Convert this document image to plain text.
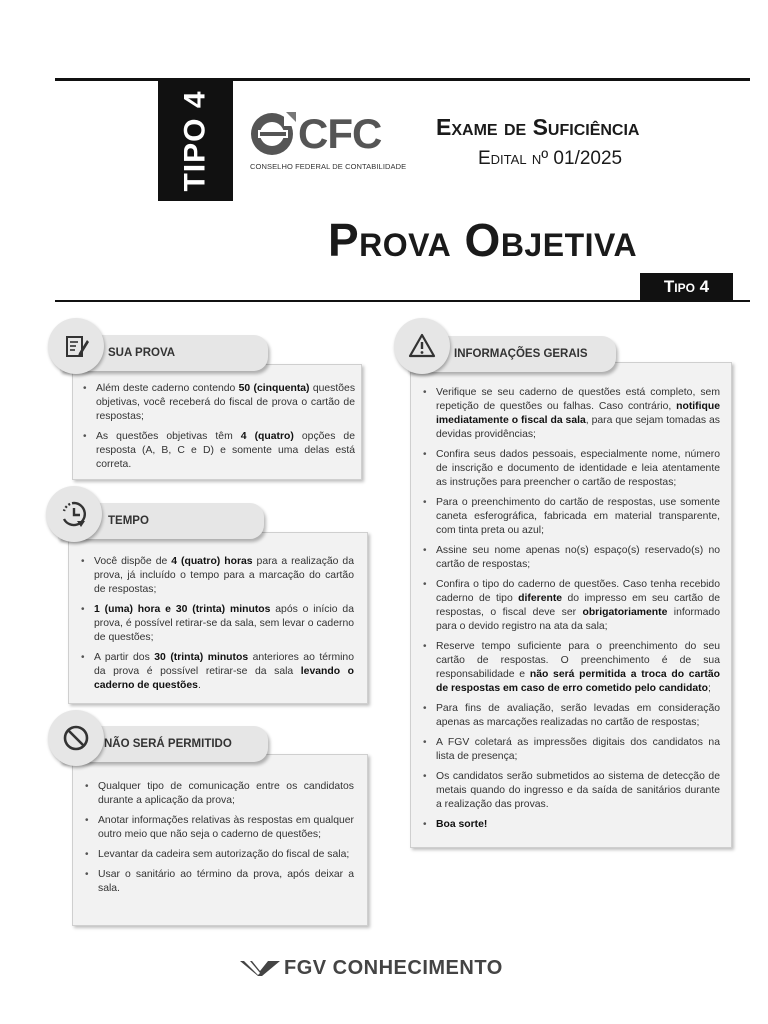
TIPO 4 CFC
CONSELHO FEDERAL DE CONTABILIDADE
Exame de Suficiência
Edital nº 01/2025
Prova Objetiva
Tipo 4
SUA PROVA
• Além deste caderno contendo 50 (cinquenta) questões objetivas, você receberá do fiscal de prova o cartão de respostas;
• As questões objetivas têm 4 (quatro) opções de resposta (A, B, C e D) e somente uma delas está correta.
TEMPO
• Você dispõe de 4 (quatro) horas para a realização da prova, já incluído o tempo para a marcação do cartão de respostas;
• 1 (uma) hora e 30 (trinta) minutos após o início da prova, é possível retirar-se da sala, sem levar o caderno de questões;
• A partir dos 30 (trinta) minutos anteriores ao término da prova é possível retirar-se da sala levando o caderno de questões.
NÃO SERÁ PERMITIDO
• Qualquer tipo de comunicação entre os candidatos durante a aplicação da prova;
• Anotar informações relativas às respostas em qualquer outro meio que não seja o caderno de questões;
• Levantar da cadeira sem autorização do fiscal de sala;
• Usar o sanitário ao término da prova, após deixar a sala.
INFORMAÇÕES GERAIS
• Verifique se seu caderno de questões está completo, sem repetição de questões ou falhas. Caso contrário, notifique imediatamente o fiscal da sala, para que sejam tomadas as devidas providências;
• Confira seus dados pessoais, especialmente nome, número de inscrição e documento de identidade e leia atentamente as instruções para preencher o cartão de respostas;
• Para o preenchimento do cartão de respostas, use somente caneta esferográfica, fabricada em material transparente, com tinta preta ou azul;
• Assine seu nome apenas no(s) espaço(s) reservado(s) no cartão de respostas;
• Confira o tipo do caderno de questões. Caso tenha recebido caderno de tipo diferente do impresso em seu cartão de respostas, o fiscal deve ser obrigatoriamente informado para o devido registro na ata da sala;
• Reserve tempo suficiente para o preenchimento do seu cartão de respostas. O preenchimento é de sua responsabilidade e não será permitida a troca do cartão de respostas em caso de erro cometido pelo candidato;
• Para fins de avaliação, serão levadas em consideração apenas as marcações realizadas no cartão de respostas;
• A FGV coletará as impressões digitais dos candidatos na lista de presença;
• Os candidatos serão submetidos ao sistema de detecção de metais quando do ingresso e da saída de sanitários durante a realização das provas.
• Boa sorte!
FGV CONHECIMENTO
